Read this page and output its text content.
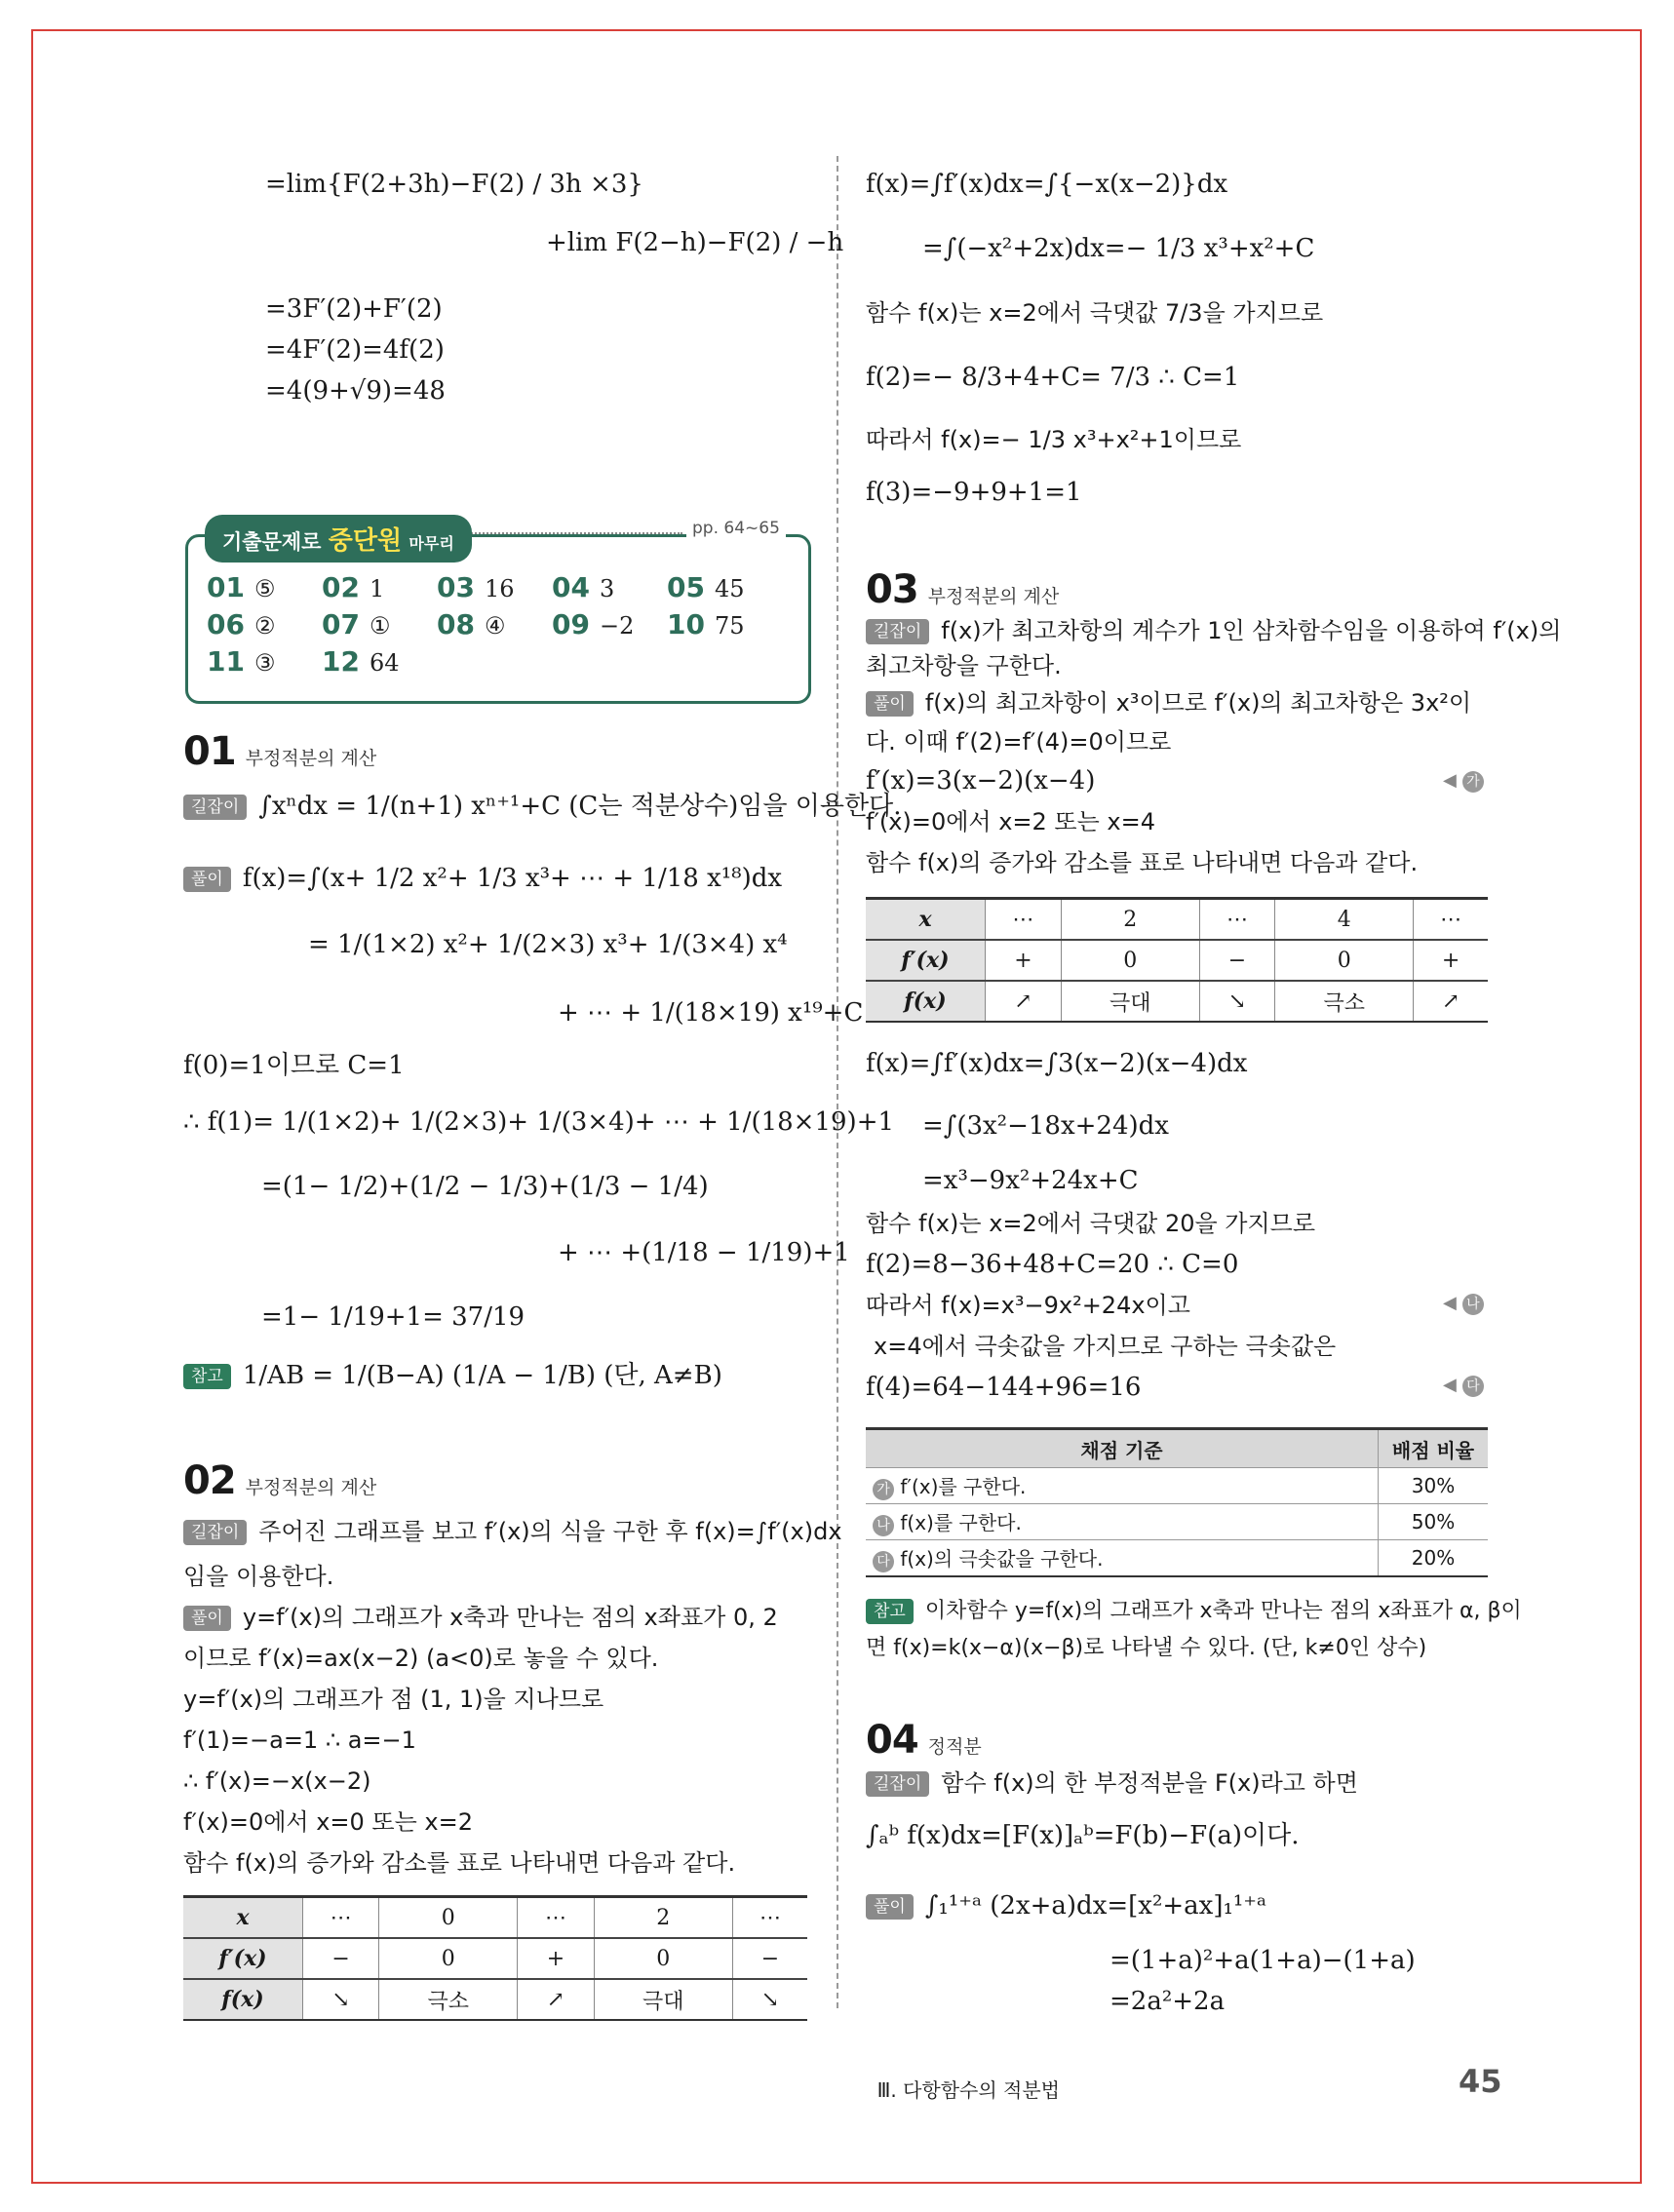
=lim{F(2+3h)−F(2) / 3h ×3}
+lim F(2−h)−F(2) / −h
=3F′(2)+F′(2)
=4F′(2)=4f(2)
=4(9+√9)=48
기출문제로 중단원 마무리
pp. 64~65
01 ⑤ 02 1 03 16 04 3 05 45
06 ② 07 ① 08 ④ 09 −2 10 75
11 ③ 12 64
01 부정적분의 계산
길잡이 ∫xⁿdx = 1/(n+1) xⁿ⁺¹+C (C는 적분상수)임을 이용한다.
풀이 f(x)=∫(x+ 1/2 x²+ 1/3 x³+ ⋯ + 1/18 x¹⁸)dx
= 1/(1×2) x²+ 1/(2×3) x³+ 1/(3×4) x⁴
+ ⋯ + 1/(18×19) x¹⁹+C
f(0)=1이므로 C=1
∴ f(1)= 1/(1×2)+ 1/(2×3)+ 1/(3×4)+ ⋯ + 1/(18×19)+1
=(1− 1/2)+(1/2 − 1/3)+(1/3 − 1/4)
+ ⋯ +(1/18 − 1/19)+1
=1− 1/19+1= 37/19
참고 1/AB = 1/(B−A) (1/A − 1/B) (단, A≠B)
02 부정적분의 계산
길잡이 주어진 그래프를 보고 f′(x)의 식을 구한 후 f(x)=∫f′(x)dx
임을 이용한다.
풀이 y=f′(x)의 그래프가 x축과 만나는 점의 x좌표가 0, 2
이므로 f′(x)=ax(x−2) (a<0)로 놓을 수 있다.
y=f′(x)의 그래프가 점 (1, 1)을 지나므로
f′(1)=−a=1 ∴ a=−1
∴ f′(x)=−x(x−2)
f′(x)=0에서 x=0 또는 x=2
함수 f(x)의 증가와 감소를 표로 나타내면 다음과 같다.
x	⋯	0	⋯	2	⋯
f′(x)	−	0	+	0	−
f(x)	↘	극소	↗	극대	↘
f(x)=∫f′(x)dx=∫{−x(x−2)}dx
=∫(−x²+2x)dx=− 1/3 x³+x²+C
함수 f(x)는 x=2에서 극댓값 7/3을 가지므로
f(2)=− 8/3+4+C= 7/3 ∴ C=1
따라서 f(x)=− 1/3 x³+x²+1이므로
f(3)=−9+9+1=1
03 부정적분의 계산
길잡이 f(x)가 최고차항의 계수가 1인 삼차함수임을 이용하여 f′(x)의
최고차항을 구한다.
풀이 f(x)의 최고차항이 x³이므로 f′(x)의 최고차항은 3x²이
다. 이때 f′(2)=f′(4)=0이므로
f′(x)=3(x−2)(x−4)	◀ 가
f′(x)=0에서 x=2 또는 x=4
함수 f(x)의 증가와 감소를 표로 나타내면 다음과 같다.
x	⋯	2	⋯	4	⋯
f′(x)	+	0	−	0	+
f(x)	↗	극대	↘	극소	↗
f(x)=∫f′(x)dx=∫3(x−2)(x−4)dx
=∫(3x²−18x+24)dx
=x³−9x²+24x+C
함수 f(x)는 x=2에서 극댓값 20을 가지므로
f(2)=8−36+48+C=20 ∴ C=0
따라서 f(x)=x³−9x²+24x이고	◀ 나
x=4에서 극솟값을 가지므로 구하는 극솟값은
f(4)=64−144+96=16	◀ 다
채점 기준	배점 비율
가 f′(x)를 구한다.	30%
나 f(x)를 구한다.	50%
다 f(x)의 극솟값을 구한다.	20%
참고 이차함수 y=f(x)의 그래프가 x축과 만나는 점의 x좌표가 α, β이
면 f(x)=k(x−α)(x−β)로 나타낼 수 있다. (단, k≠0인 상수)
04 정적분
길잡이 함수 f(x)의 한 부정적분을 F(x)라고 하면
∫ₐᵇ f(x)dx=[F(x)]ₐᵇ=F(b)−F(a)이다.
풀이 ∫₁¹⁺ᵃ (2x+a)dx=[x²+ax]₁¹⁺ᵃ
=(1+a)²+a(1+a)−(1+a)
=2a²+2a
Ⅲ. 다항함수의 적분법	45
